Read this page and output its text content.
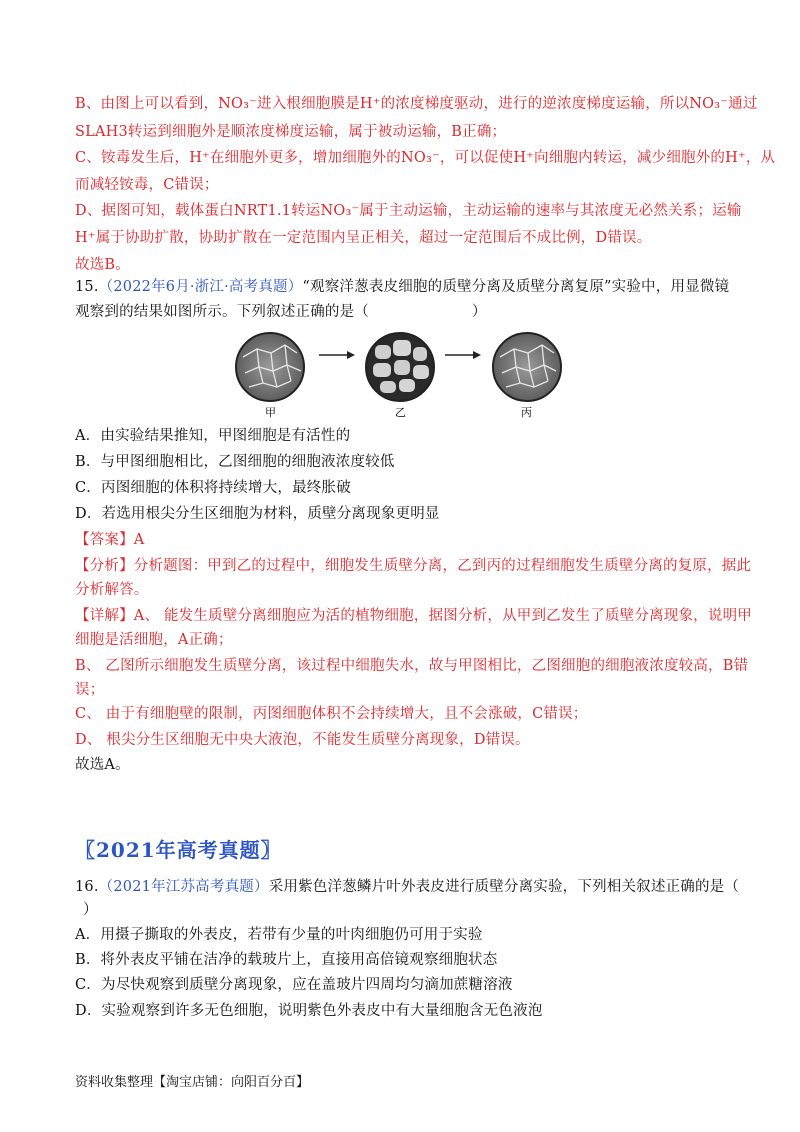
B、由图上可以看到，NO₃⁻进入根细胞膜是H⁺的浓度梯度驱动，进行的逆浓度梯度运输，所以NO₃⁻通过
SLAH3转运到细胞外是顺浓度梯度运输，属于被动运输，B正确；
C、铵毒发生后，H⁺在细胞外更多，增加细胞外的NO₃⁻，可以促使H⁺向细胞内转运，减少细胞外的H⁺，从
而减轻铵毒，C错误；
D、据图可知，载体蛋白NRT1.1转运NO₃⁻属于主动运输，主动运输的速率与其浓度无必然关系；运输
H⁺属于协助扩散，协助扩散在一定范围内呈正相关，超过一定范围后不成比例，D错误。
故选B。
15.（2022年6月·浙江·高考真题）“观察洋葱表皮细胞的质壁分离及质壁分离复原”实验中，用显微镜
观察到的结果如图所示。下列叙述正确的是（　　　　　　　）
甲	乙	丙
A．由实验结果推知，甲图细胞是有活性的
B．与甲图细胞相比，乙图细胞的细胞液浓度较低
C．丙图细胞的体积将持续增大，最终胀破
D．若选用根尖分生区细胞为材料，质壁分离现象更明显
【答案】A
【分析】分析题图：甲到乙的过程中，细胞发生质壁分离，乙到丙的过程细胞发生质壁分离的复原，据此
分析解答。
【详解】A、 能发生质壁分离细胞应为活的植物细胞，据图分析，从甲到乙发生了质壁分离现象，说明甲
细胞是活细胞，A正确；
B、 乙图所示细胞发生质壁分离，该过程中细胞失水，故与甲图相比，乙图细胞的细胞液浓度较高，B错
误；
C、 由于有细胞壁的限制，丙图细胞体积不会持续增大，且不会涨破，C错误；
D、 根尖分生区细胞无中央大液泡，不能发生质壁分离现象，D错误。
故选A。
〖2021年高考真题〗
16.（2021年江苏高考真题）采用紫色洋葱鳞片叶外表皮进行质壁分离实验，下列相关叙述正确的是（
）
A．用摄子撕取的外表皮，若带有少量的叶肉细胞仍可用于实验
B．将外表皮平铺在洁净的载玻片上，直接用高倍镜观察细胞状态
C．为尽快观察到质壁分离现象，应在盖玻片四周均匀滴加蔗糖溶液
D．实验观察到许多无色细胞，说明紫色外表皮中有大量细胞含无色液泡
资料收集整理【淘宝店铺：向阳百分百】
